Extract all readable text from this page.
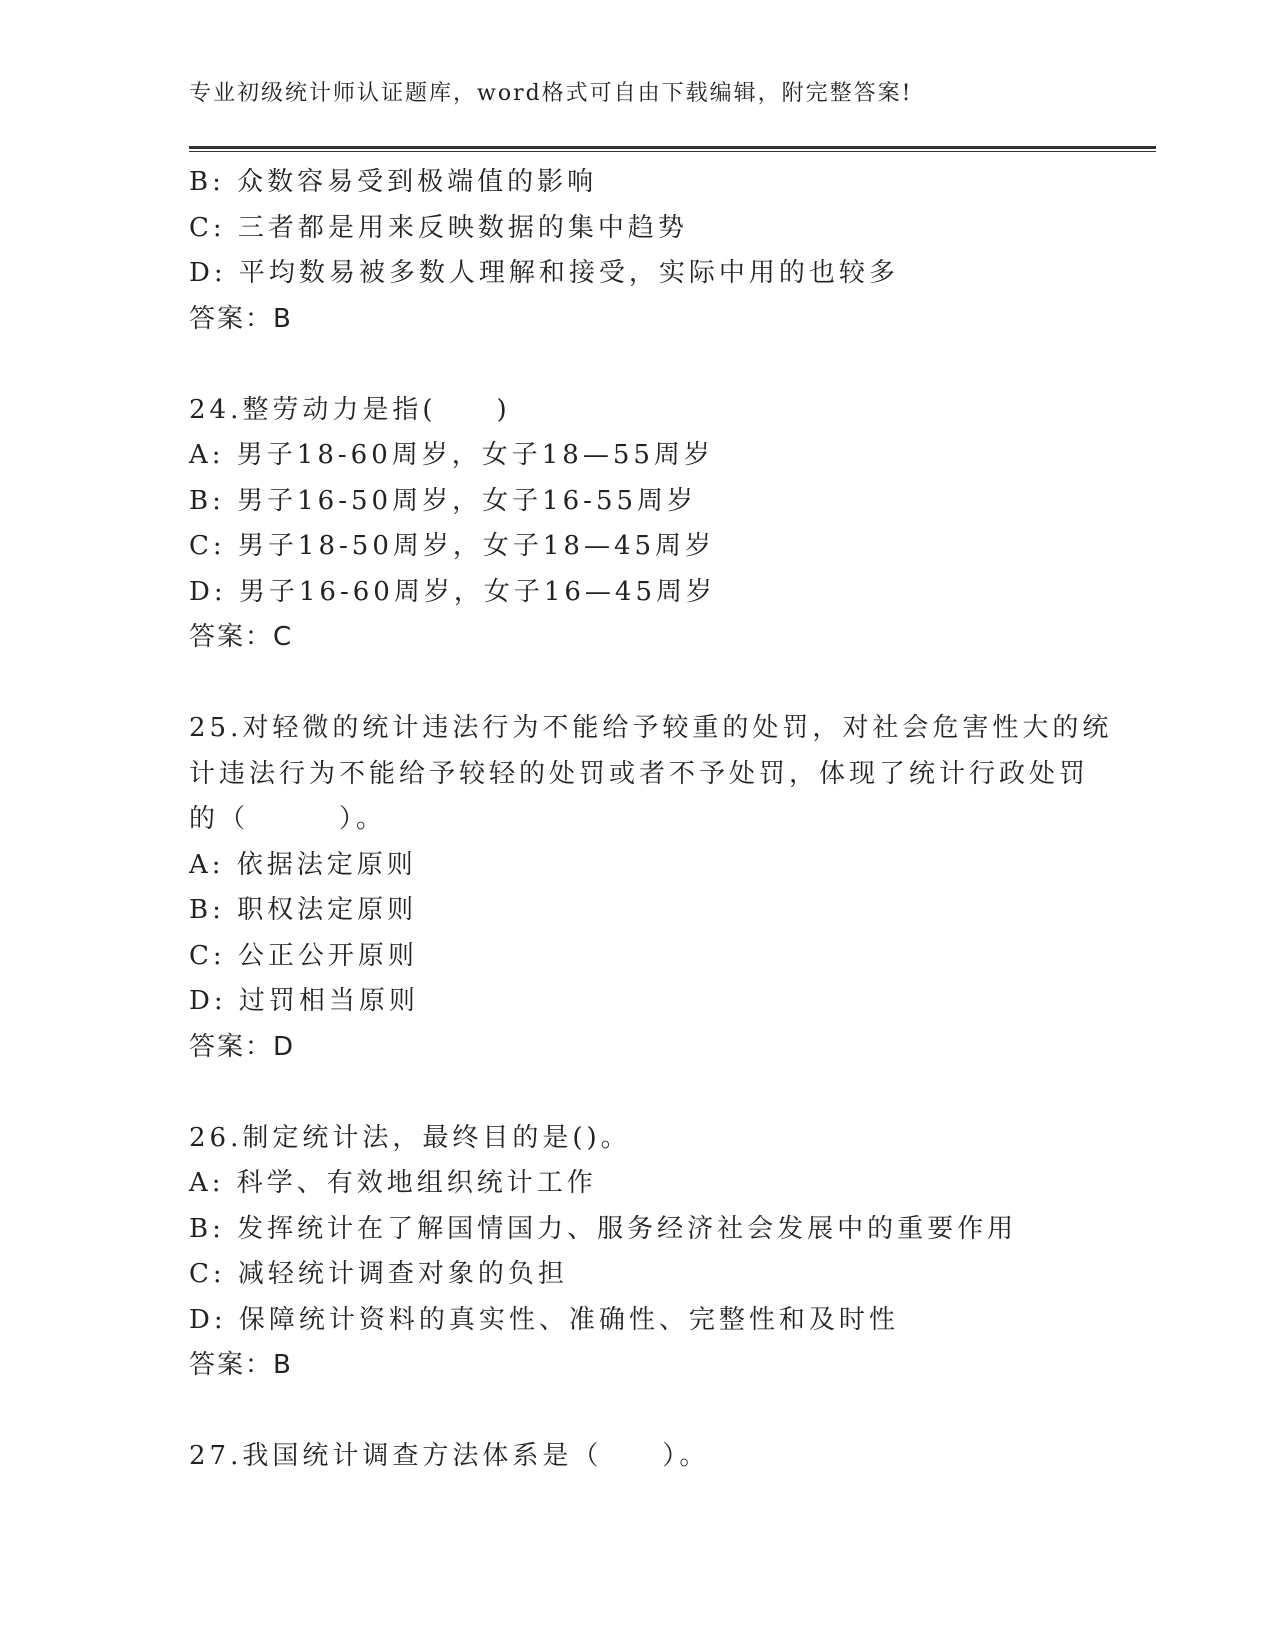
专业初级统计师认证题库，word格式可自由下载编辑，附完整答案!
B: 众数容易受到极端值的影响
C: 三者都是用来反映数据的集中趋势
D: 平均数易被多数人理解和接受，实际中用的也较多
答案：B
24.整劳动力是指(　　)
A: 男子18-60周岁，女子18—55周岁
B: 男子16-50周岁，女子16-55周岁
C: 男子18-50周岁，女子18—45周岁
D: 男子16-60周岁，女子16—45周岁
答案：C
25.对轻微的统计违法行为不能给予较重的处罚，对社会危害性大的统
计违法行为不能给予较轻的处罚或者不予处罚，体现了统计行政处罚
的（　　　）。
A: 依据法定原则
B: 职权法定原则
C: 公正公开原则
D: 过罚相当原则
答案：D
26.制定统计法，最终目的是()。
A: 科学、有效地组织统计工作
B: 发挥统计在了解国情国力、服务经济社会发展中的重要作用
C: 减轻统计调查对象的负担
D: 保障统计资料的真实性、准确性、完整性和及时性
答案：B
27.我国统计调查方法体系是（　　）。
